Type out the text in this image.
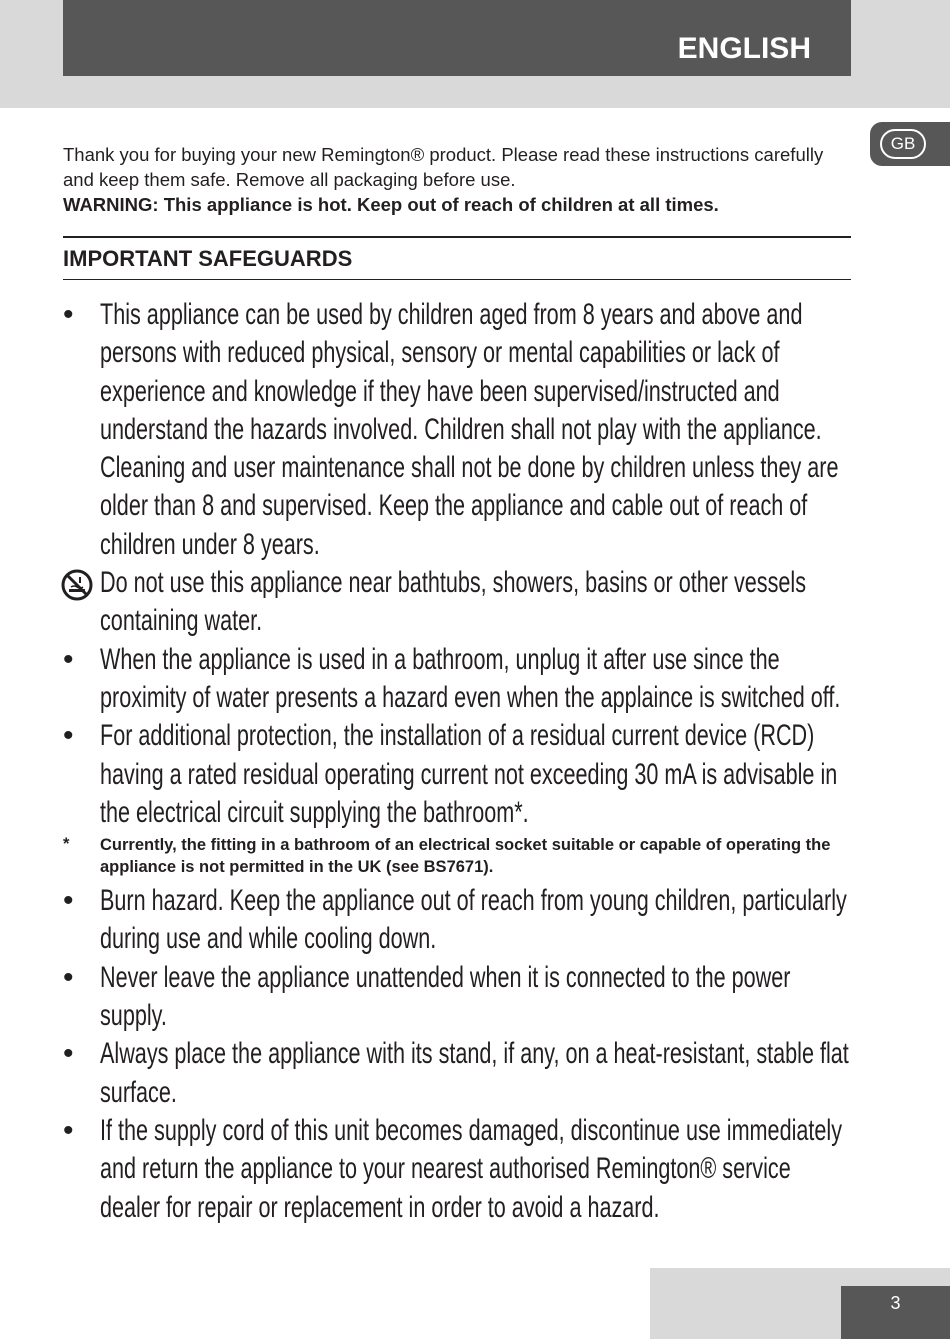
ENGLISH
GB

Thank you for buying your new Remington® product. Please read these instructions carefully and keep them safe. Remove all packaging before use.

WARNING: This appliance is hot. Keep out of reach of children at all times.

IMPORTANT SAFEGUARDS
• This appliance can be used by children aged from 8 years and above and persons with reduced physical, sensory or mental capabilities or lack of experience and knowledge if they have been supervised/instructed and understand the hazards involved. Children shall not play with the appliance. Cleaning and user maintenance shall not be done by children unless they are older than 8 and supervised. Keep the appliance and cable out of reach of children under 8 years.
Do not use this appliance near bathtubs, showers, basins or other vessels containing water.
• When the appliance is used in a bathroom, unplug it after use since the proximity of water presents a hazard even when the applaince is switched off.
• For additional protection, the installation of a residual current device (RCD) having a rated residual operating current not exceeding 30 mA is advisable in the electrical circuit supplying the bathroom*.
* Currently, the fitting in a bathroom of an electrical socket suitable or capable of operating the appliance is not permitted in the UK (see BS7671).
• Burn hazard. Keep the appliance out of reach from young children, particularly during use and while cooling down.
• Never leave the appliance unattended when it is connected to the power supply.
• Always place the appliance with its stand, if any, on a heat-resistant, stable flat surface.
• If the supply cord of this unit becomes damaged, discontinue use immediately and return the appliance to your nearest authorised Remington® service dealer for repair or replacement in order to avoid a hazard.
3
